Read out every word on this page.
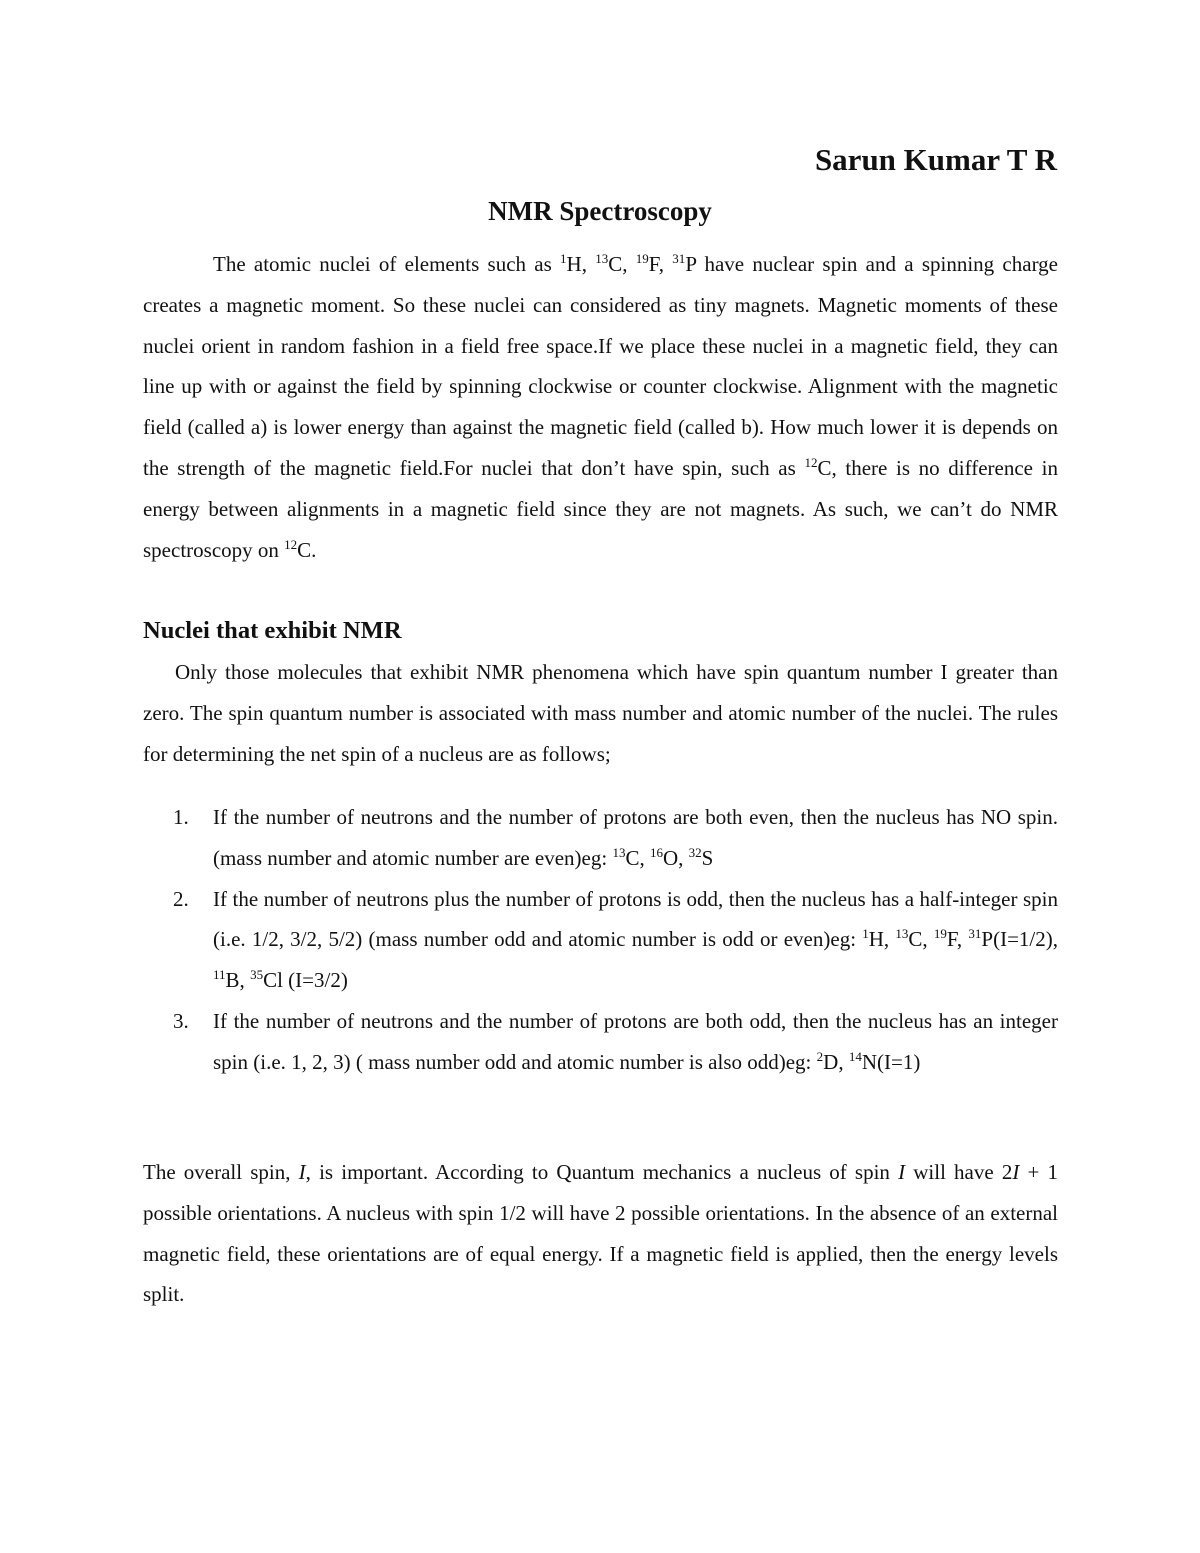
Sarun Kumar T R
NMR Spectroscopy

The atomic nuclei of elements such as $^1$H, $^{13}$C, $^{19}$F, $^{31}$P have nuclear spin and a spinning charge creates a magnetic moment. So these nuclei can considered as tiny magnets. Magnetic moments of these nuclei orient in random fashion in a field free space.If we place these nuclei in a magnetic field, they can line up with or against the field by spinning clockwise or counter clockwise. Alignment with the magnetic field (called a) is lower energy than against the magnetic field (called b). How much lower it is depends on the strength of the magnetic field.For nuclei that don’t have spin, such as $^{12}$C, there is no difference in energy between alignments in a magnetic field since they are not magnets. As such, we can’t do NMR spectroscopy on $^{12}$C.

Nuclei that exhibit NMR

Only those molecules that exhibit NMR phenomena which have spin quantum number I greater than zero. The spin quantum number is associated with mass number and atomic number of the nuclei. The rules for determining the net spin of a nucleus are as follows;

1. If the number of neutrons and the number of protons are both even, then the nucleus has NO spin.(mass number and atomic number are even)eg: $^{13}$C, $^{16}$O, $^{32}$S
2. If the number of neutrons plus the number of protons is odd, then the nucleus has a half-integer spin (i.e. 1/2, 3/2, 5/2) (mass number odd and atomic number is odd or even)eg: $^1$H, $^{13}$C, $^{19}$F, $^{31}$P(I=1/2), $^{11}$B, $^{35}$Cl (I=3/2)
3. If the number of neutrons and the number of protons are both odd, then the nucleus has an integer spin (i.e. 1, 2, 3) ( mass number odd and atomic number is also odd)eg: $^2$D, $^{14}$N(I=1)

The overall spin, I, is important. According to Quantum mechanics a nucleus of spin I will have 2I + 1 possible orientations. A nucleus with spin 1/2 will have 2 possible orientations. In the absence of an external magnetic field, these orientations are of equal energy. If a magnetic field is applied, then the energy levels split.
